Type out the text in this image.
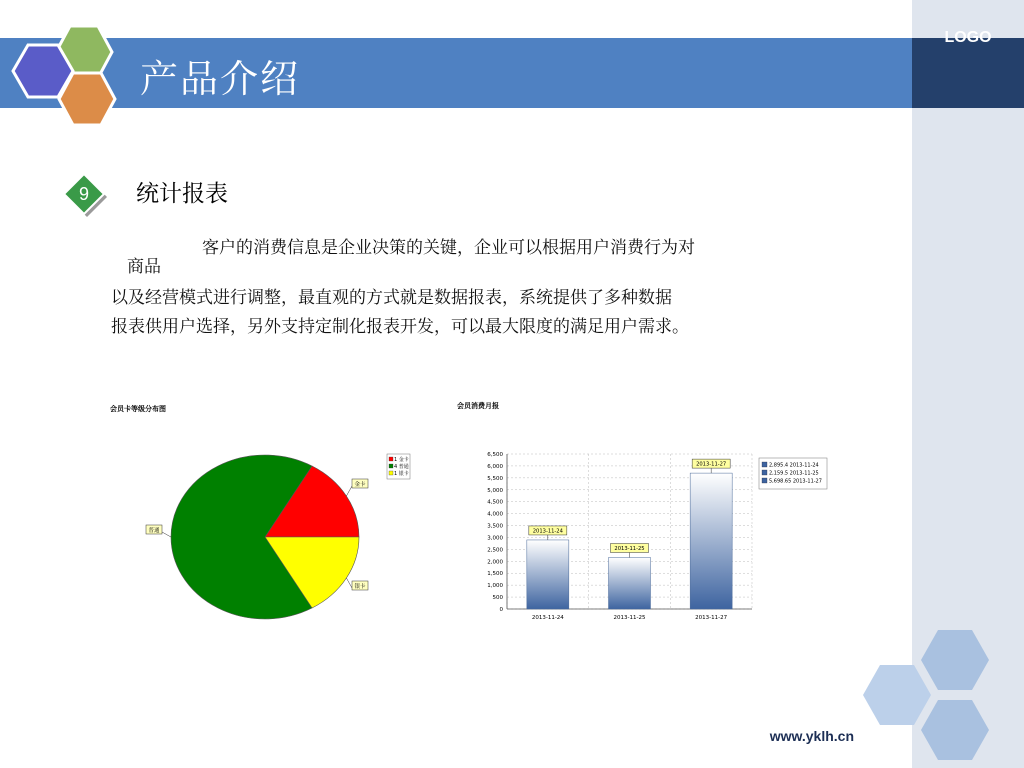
LOGO
产品介绍
9 统计报表
客户的消费信息是企业决策的关键，企业可以根据用户消费行为对
商品
以及经营模式进行调整，最直观的方式就是数据报表，系统提供了多种数据
报表供用户选择，另外支持定制化报表开发，可以最大限度的满足用户需求。
会员卡等级分布图
金卡
银卡
普通
1 金卡
4 普通
1 银卡
会员消费月报
0
500
1,000
1,500
2,000
2,500
3,000
3,500
4,000
4,500
5,000
5,500
6,000
6,500
2013-11-24	2013-11-25	2013-11-27
2013-11-24
2013-11-25
2013-11-27	2,895.4 2013-11-24
2,159.5 2013-11-25
5,698.65 2013-11-27
www.yklh.cn
